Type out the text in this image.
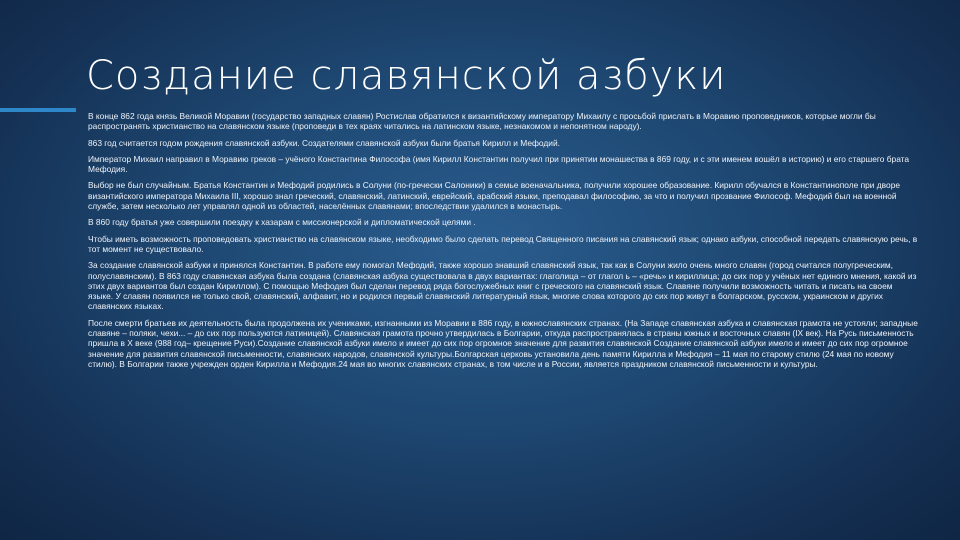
Создание славянской азбуки

В конце 862 года князь Великой Моравии (государство западных славян) Ростислав обратился к византийскому императору Михаилу с просьбой прислать в Моравию проповедников, которые могли бы распространять христианство на славянском языке (проповеди в тех краях читались на латинском языке, незнакомом и непонятном народу).

863 год считается годом рождения славянской азбуки. Создателями славянской азбуки были братья Кирилл и Мефодий.

Император Михаил направил в Моравию греков – учёного Константина Философа (имя Кирилл Константин получил при принятии монашества в 869 году, и с эти именем вошёл в историю) и его старшего брата Мефодия.

Выбор не был случайным. Братья Константин и Мефодий родились в Солуни (по-гречески Салоники) в семье военачальника, получили хорошее образование. Кирилл обучался в Константинополе при дворе византийского императора Михаила III, хорошо знал греческий, славянский, латинский, еврейский, арабский языки, преподавал философию, за что и получил прозвание Философ. Мефодий был на военной службе, затем несколько лет управлял одной из областей, населённых славянами; впоследствии удалился в монастырь.

В 860 году братья уже совершили поездку к хазарам с миссионерской и дипломатической целями .

Чтобы иметь возможность проповедовать христианство на славянском языке, необходимо было сделать перевод Священного писания на славянский язык; однако азбуки, способной передать славянскую речь, в тот момент не существовало.

За создание славянской азбуки и принялся Константин. В работе ему помогал Мефодий, также хорошо знавший славянский язык, так как в Солуни жило очень много славян (город считался полугреческим, полуславянским). В 863 году славянская азбука была создана (славянская азбука существовала в двух вариантах: глаголица – от глагол ь – «речь» и кириллица; до сих пор у учёных нет единого мнения, какой из этих двух вариантов был создан Кириллом). С помощью Мефодия был сделан перевод ряда богослужебных книг с греческого на славянский язык. Славяне получили возможность читать и писать на своем языке. У славян появился не только свой, славянский, алфавит, но и родился первый славянский литературный язык, многие слова которого до сих пор живут в болгарском, русском, украинском и других славянских языках.

После смерти братьев их деятельность была продолжена их учениками, изгнанными из Моравии в 886 году, в южнославянских странах. (На Западе славянская азбука и славянская грамота не устояли; западные славяне – поляки, чехи... – до сих пор пользуются латиницей). Славянская грамота прочно утвердилась в Болгарии, откуда распространялась в страны южных и восточных славян (IX век). На Русь письменность пришла в X веке (988 год– крещение Руси).Создание славянской азбуки имело и имеет до сих пор огромное значение для развития славянской Создание славянской азбуки имело и имеет до сих пор огромное значение для развития славянской письменности, славянских народов, славянской культуры.Болгарская церковь установила день памяти Кирилла и Мефодия – 11 мая по старому стилю (24 мая по новому стилю). В Болгарии также учрежден орден Кирилла и Мефодия.24 мая во многих славянских странах, в том числе и в России, является праздником славянской письменности и культуры.
